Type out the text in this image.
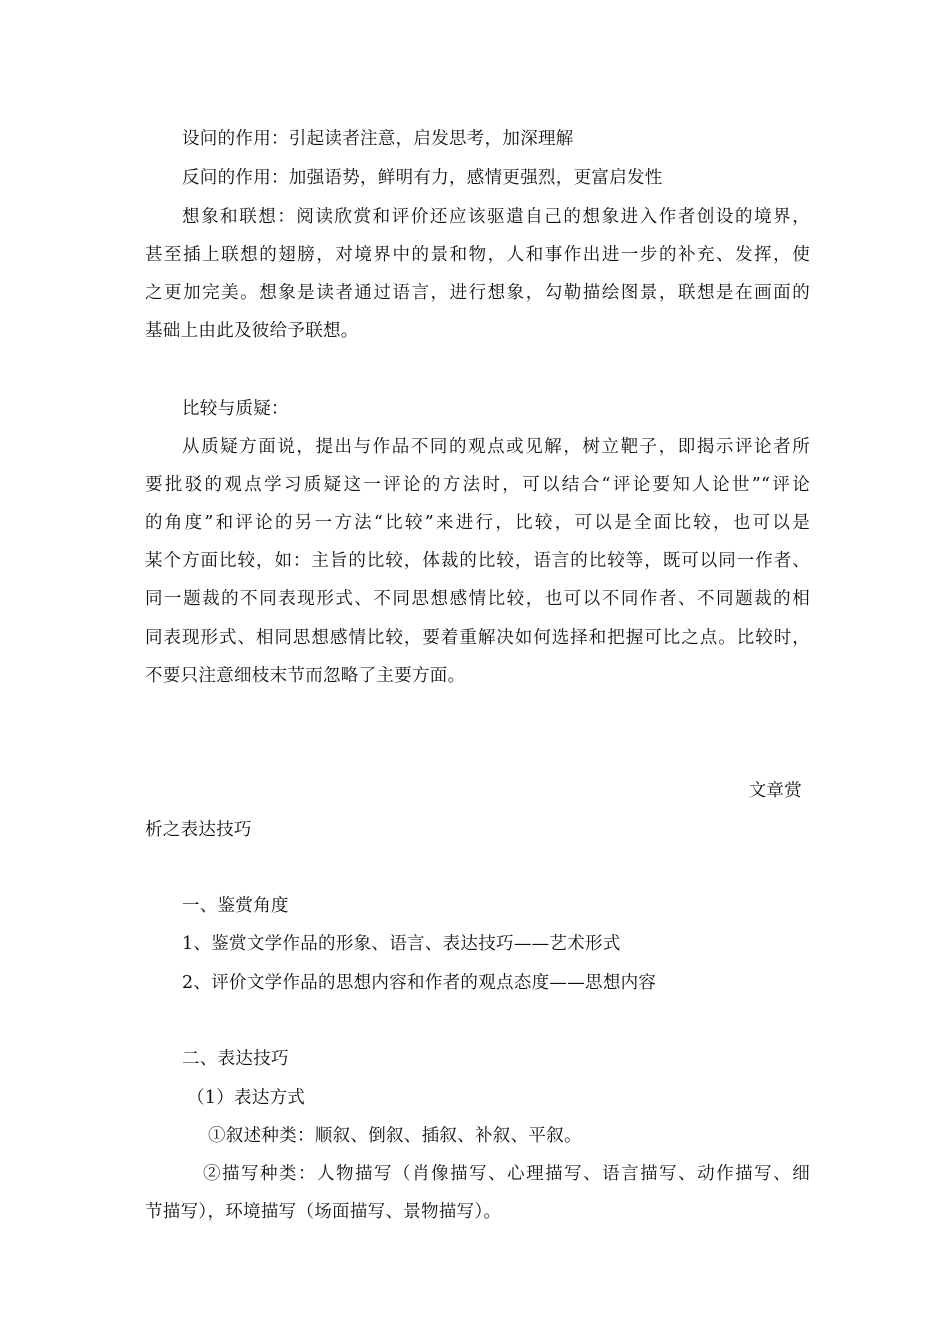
设问的作用：引起读者注意，启发思考，加深理解
反问的作用：加强语势，鲜明有力，感情更强烈，更富启发性
想象和联想：阅读欣赏和评价还应该驱遣自己的想象进入作者创设的境界，
甚至插上联想的翅膀，对境界中的景和物，人和事作出进一步的补充、发挥，使
之更加完美。想象是读者通过语言，进行想象，勾勒描绘图景，联想是在画面的
基础上由此及彼给予联想。
比较与质疑：
从质疑方面说，提出与作品不同的观点或见解，树立靶子，即揭示评论者所
要批驳的观点学习质疑这一评论的方法时，可以结合“评论要知人论世”“评论
的角度”和评论的另一方法“比较”来进行，比较，可以是全面比较，也可以是
某个方面比较，如：主旨的比较，体裁的比较，语言的比较等，既可以同一作者、
同一题裁的不同表现形式、不同思想感情比较，也可以不同作者、不同题裁的相
同表现形式、相同思想感情比较，要着重解决如何选择和把握可比之点。比较时，
不要只注意细枝末节而忽略了主要方面。
文章赏
析之表达技巧
一、鉴赏角度
1、鉴赏文学作品的形象、语言、表达技巧——艺术形式
2、评价文学作品的思想内容和作者的观点态度——思想内容
二、表达技巧
（1）表达方式
①叙述种类：顺叙、倒叙、插叙、补叙、平叙。
②描写种类：人物描写（肖像描写、心理描写、语言描写、动作描写、细
节描写），环境描写（场面描写、景物描写）。
